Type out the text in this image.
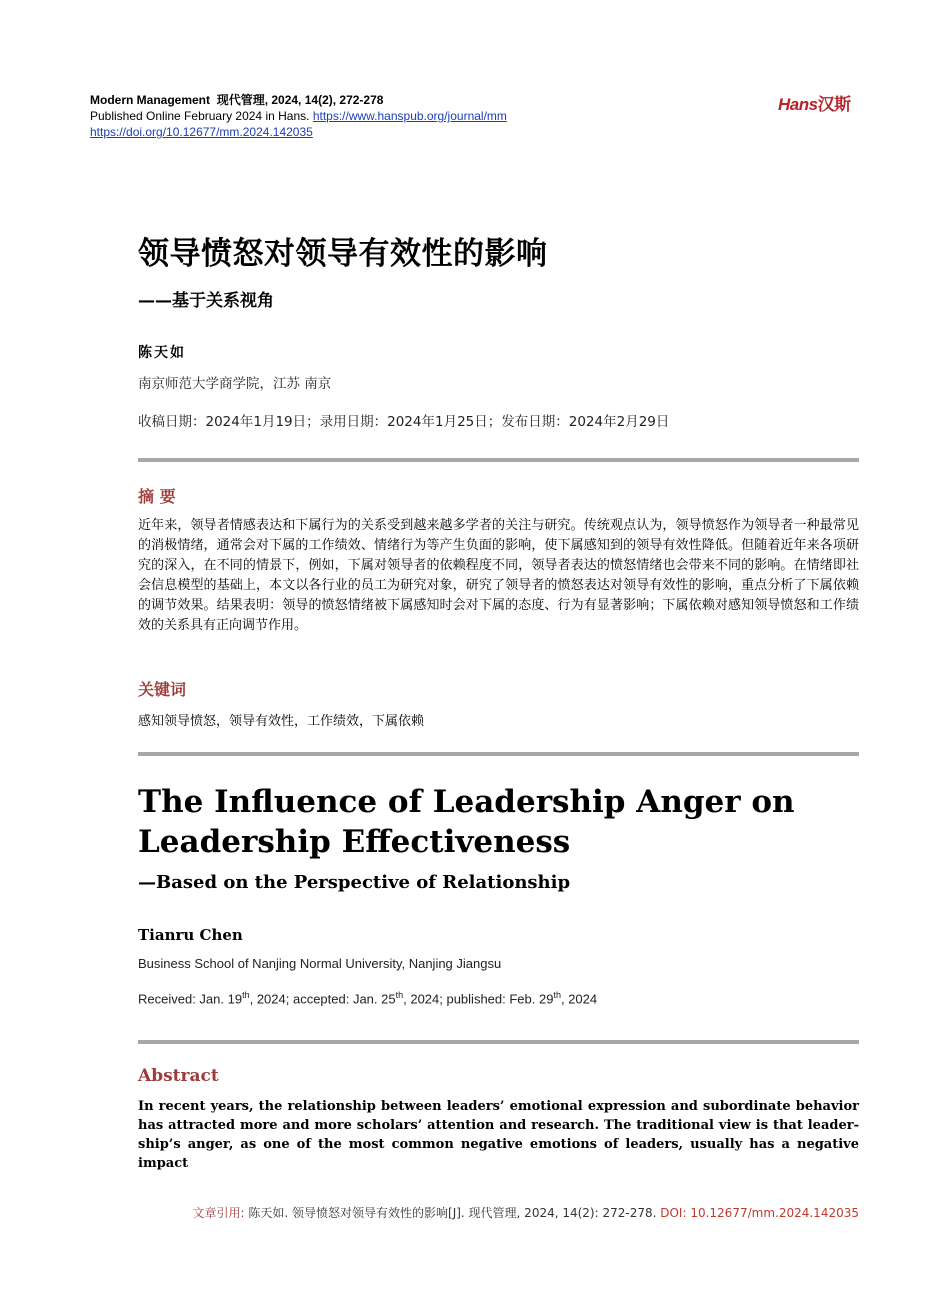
Modern Management 现代管理, 2024, 14(2), 272-278
Published Online February 2024 in Hans. https://www.hanspub.org/journal/mm
https://doi.org/10.12677/mm.2024.142035
Hans汉斯
领导愤怒对领导有效性的影响
——基于关系视角
陈天如
南京师范大学商学院，江苏 南京
收稿日期：2024年1月19日；录用日期：2024年1月25日；发布日期：2024年2月29日
摘 要
近年来，领导者情感表达和下属行为的关系受到越来越多学者的关注与研究。传统观点认为，领导愤怒作为领导者一种最常见的消极情绪，通常会对下属的工作绩效、情绪行为等产生负面的影响，使下属感知到的领导有效性降低。但随着近年来各项研究的深入，在不同的情景下，例如，下属对领导者的依赖程度不同，领导者表达的愤怒情绪也会带来不同的影响。在情绪即社会信息模型的基础上，本文以各行业的员工为研究对象，研究了领导者的愤怒表达对领导有效性的影响，重点分析了下属依赖的调节效果。结果表明：领导的愤怒情绪被下属感知时会对下属的态度、行为有显著影响；下属依赖对感知领导愤怒和工作绩效的关系具有正向调节作用。
关键词
感知领导愤怒，领导有效性，工作绩效，下属依赖
The Influence of Leadership Anger on Leadership Effectiveness
—Based on the Perspective of Relationship
Tianru Chen
Business School of Nanjing Normal University, Nanjing Jiangsu
Received: Jan. 19th, 2024; accepted: Jan. 25th, 2024; published: Feb. 29th, 2024
Abstract
In recent years, the relationship between leaders’ emotional expression and subordinate behavior has attracted more and more scholars’ attention and research. The traditional view is that leadership’s anger, as one of the most common negative emotions of leaders, usually has a negative impact
文章引用: 陈天如. 领导愤怒对领导有效性的影响[J]. 现代管理, 2024, 14(2): 272-278. DOI: 10.12677/mm.2024.142035
